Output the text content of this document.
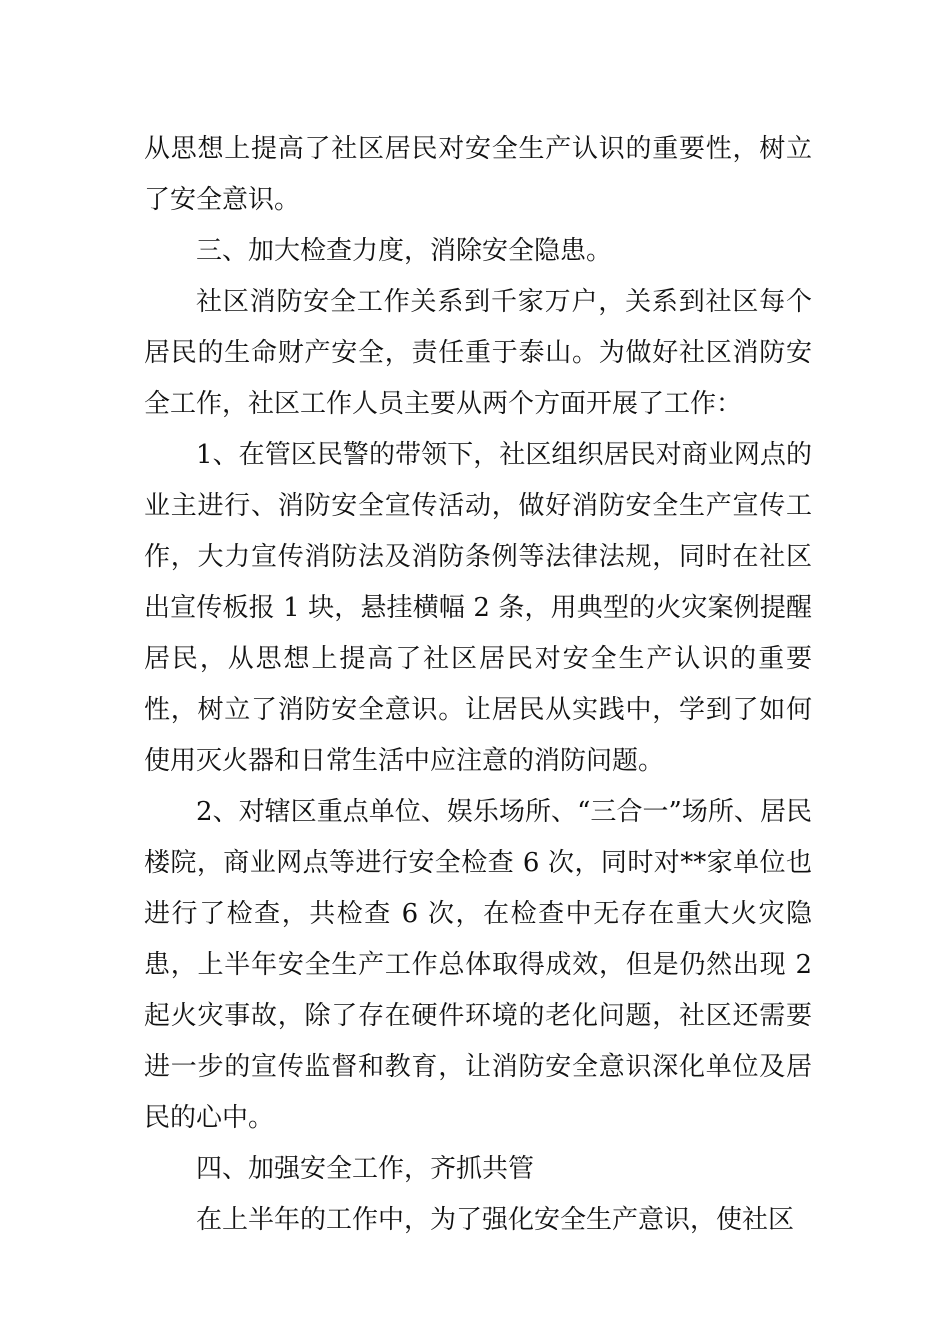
从思想上提高了社区居民对安全生产认识的重要性，树立了安全意识。

三、加大检查力度，消除安全隐患。

社区消防安全工作关系到千家万户，关系到社区每个居民的生命财产安全，责任重于泰山。为做好社区消防安全工作，社区工作人员主要从两个方面开展了工作：

1、在管区民警的带领下，社区组织居民对商业网点的业主进行、消防安全宣传活动，做好消防安全生产宣传工作，大力宣传消防法及消防条例等法律法规，同时在社区出宣传板报 1 块，悬挂横幅 2 条，用典型的火灾案例提醒居民，从思想上提高了社区居民对安全生产认识的重要性，树立了消防安全意识。让居民从实践中，学到了如何使用灭火器和日常生活中应注意的消防问题。

2、对辖区重点单位、娱乐场所、“三合一”场所、居民楼院，商业网点等进行安全检查 6 次，同时对**家单位也进行了检查，共检查 6 次，在检查中无存在重大火灾隐患，上半年安全生产工作总体取得成效，但是仍然出现 2 起火灾事故，除了存在硬件环境的老化问题，社区还需要进一步的宣传监督和教育，让消防安全意识深化单位及居民的心中。

四、加强安全工作，齐抓共管

在上半年的工作中，为了强化安全生产意识，使社区
